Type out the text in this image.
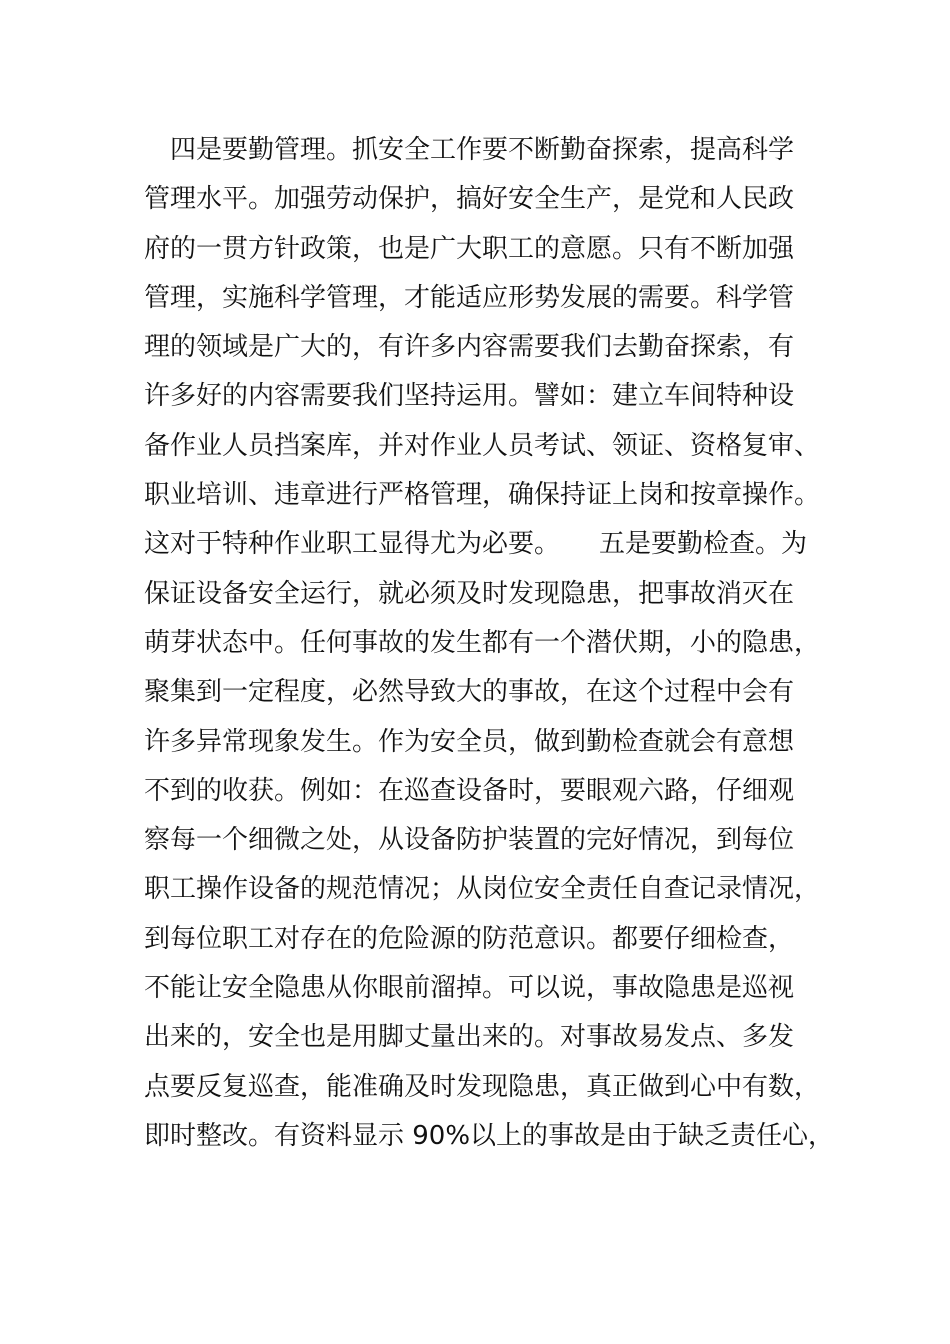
　四是要勤管理。抓安全工作要不断勤奋探索，提高科学
管理水平。加强劳动保护，搞好安全生产，是党和人民政
府的一贯方针政策，也是广大职工的意愿。只有不断加强
管理，实施科学管理，才能适应形势发展的需要。科学管
理的领域是广大的，有许多内容需要我们去勤奋探索，有
许多好的内容需要我们坚持运用。譬如：建立车间特种设
备作业人员挡案库，并对作业人员考试、领证、资格复审、
职业培训、违章进行严格管理，确保持证上岗和按章操作。
这对于特种作业职工显得尤为必要。　　五是要勤检查。为
保证设备安全运行，就必须及时发现隐患，把事故消灭在
萌芽状态中。任何事故的发生都有一个潜伏期，小的隐患，
聚集到一定程度，必然导致大的事故，在这个过程中会有
许多异常现象发生。作为安全员，做到勤检查就会有意想
不到的收获。例如：在巡查设备时，要眼观六路，仔细观
察每一个细微之处，从设备防护装置的完好情况，到每位
职工操作设备的规范情况；从岗位安全责任自查记录情况，
到每位职工对存在的危险源的防范意识。都要仔细检查，
不能让安全隐患从你眼前溜掉。可以说，事故隐患是巡视
出来的，安全也是用脚丈量出来的。对事故易发点、多发
点要反复巡查，能准确及时发现隐患，真正做到心中有数，
即时整改。有资料显示 90%以上的事故是由于缺乏责任心，
